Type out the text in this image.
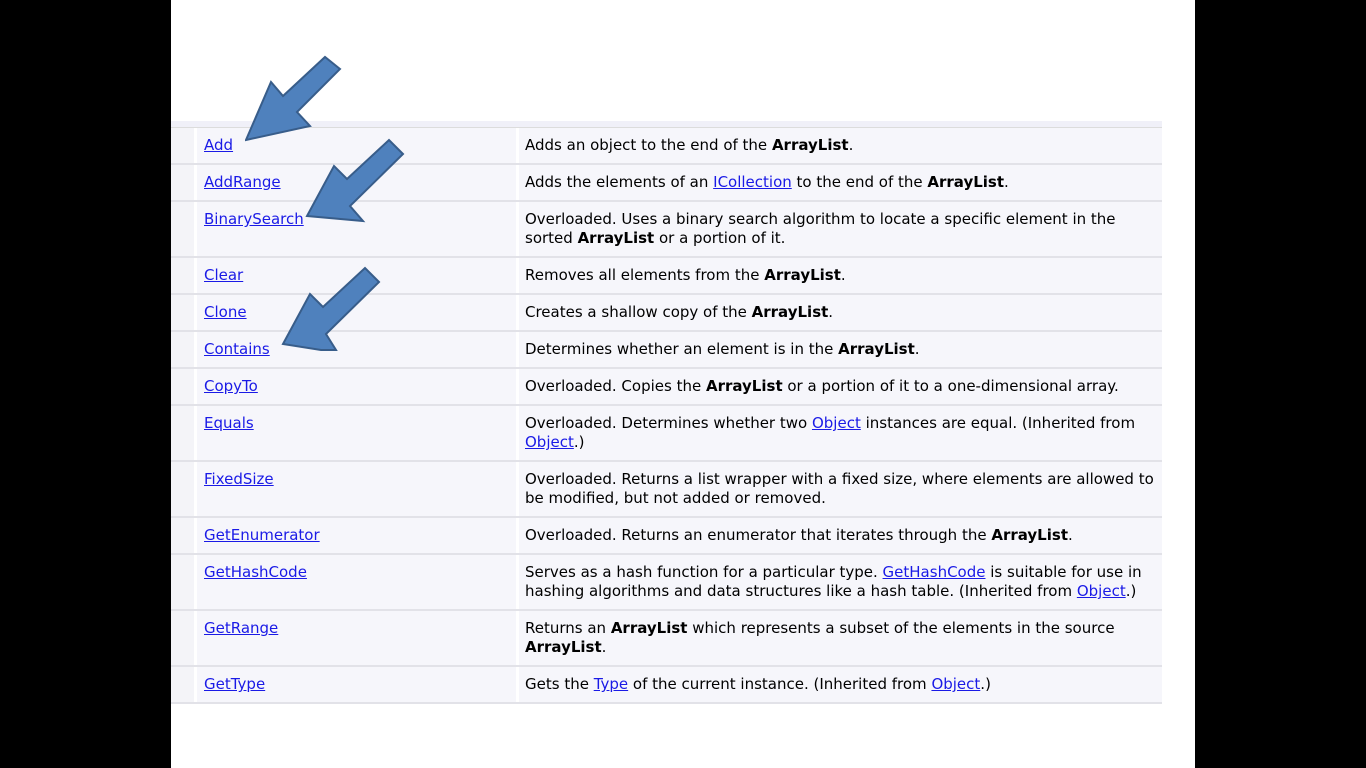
Add	Adds an object to the end of the ArrayList.
AddRange	Adds the elements of an ICollection to the end of the ArrayList.
BinarySearch	Overloaded. Uses a binary search algorithm to locate a specific element in the sorted ArrayList or a portion of it.
Clear	Removes all elements from the ArrayList.
Clone	Creates a shallow copy of the ArrayList.
Contains	Determines whether an element is in the ArrayList.
CopyTo	Overloaded. Copies the ArrayList or a portion of it to a one-dimensional array.
Equals	Overloaded. Determines whether two Object instances are equal. (Inherited from Object.)
FixedSize	Overloaded. Returns a list wrapper with a fixed size, where elements are allowed to be modified, but not added or removed.
GetEnumerator	Overloaded. Returns an enumerator that iterates through the ArrayList.
GetHashCode	Serves as a hash function for a particular type. GetHashCode is suitable for use in hashing algorithms and data structures like a hash table. (Inherited from Object.)
GetRange	Returns an ArrayList which represents a subset of the elements in the source ArrayList.
GetType	Gets the Type of the current instance. (Inherited from Object.)
